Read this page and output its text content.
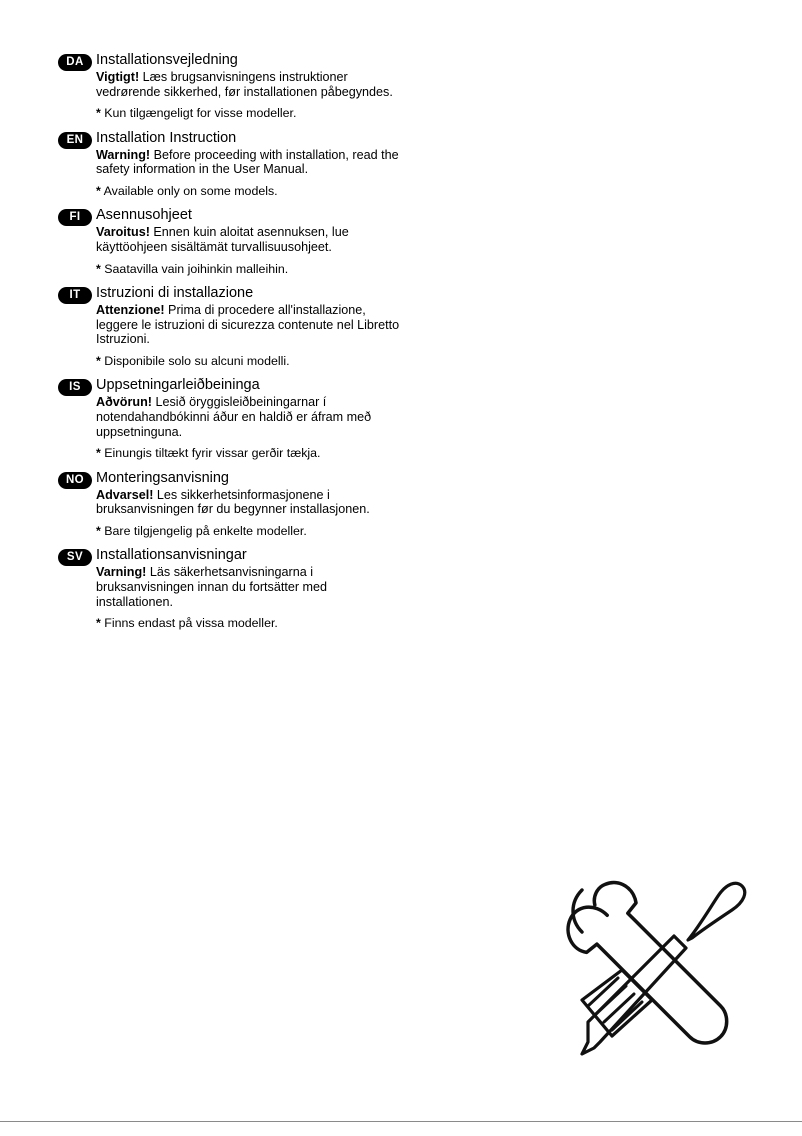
DA Installationsvejledning

Vigtigt! Læs brugsanvisningens instruktioner vedrørende sikkerhed, før installationen påbegyndes.

* Kun tilgængeligt for visse modeller.

EN Installation Instruction

Warning! Before proceeding with installation, read the safety information in the User Manual.

* Available only on some models.

FI	Asennusohjeet

Varoitus! Ennen kuin aloitat asennuksen, lue käyttöohjeen sisältämät turvallisuusohjeet.

* Saatavilla vain joihinkin malleihin.

IT	Istruzioni di installazione

Attenzione! Prima di procedere all'installazione, leggere le istruzioni di sicurezza contenute nel Libretto Istruzioni.

* Disponibile solo su alcuni modelli.

IS	Uppsetningarleiðbeininga

Aðvörun! Lesið öryggisleiðbeiningarnar í notendahandbókinni áður en haldið er áfram með uppsetninguna.

* Einungis tiltækt fyrir vissar gerðir tækja.

NO Monteringsanvisning

Advarsel! Les sikkerhetsinformasjonene i bruksanvisningen før du begynner installasjonen.

* Bare tilgjengelig på enkelte modeller.

SV Installationsanvisningar

Varning! Läs säkerhetsanvisningarna i bruksanvisningen innan du fortsätter med installationen.

* Finns endast på vissa modeller.
